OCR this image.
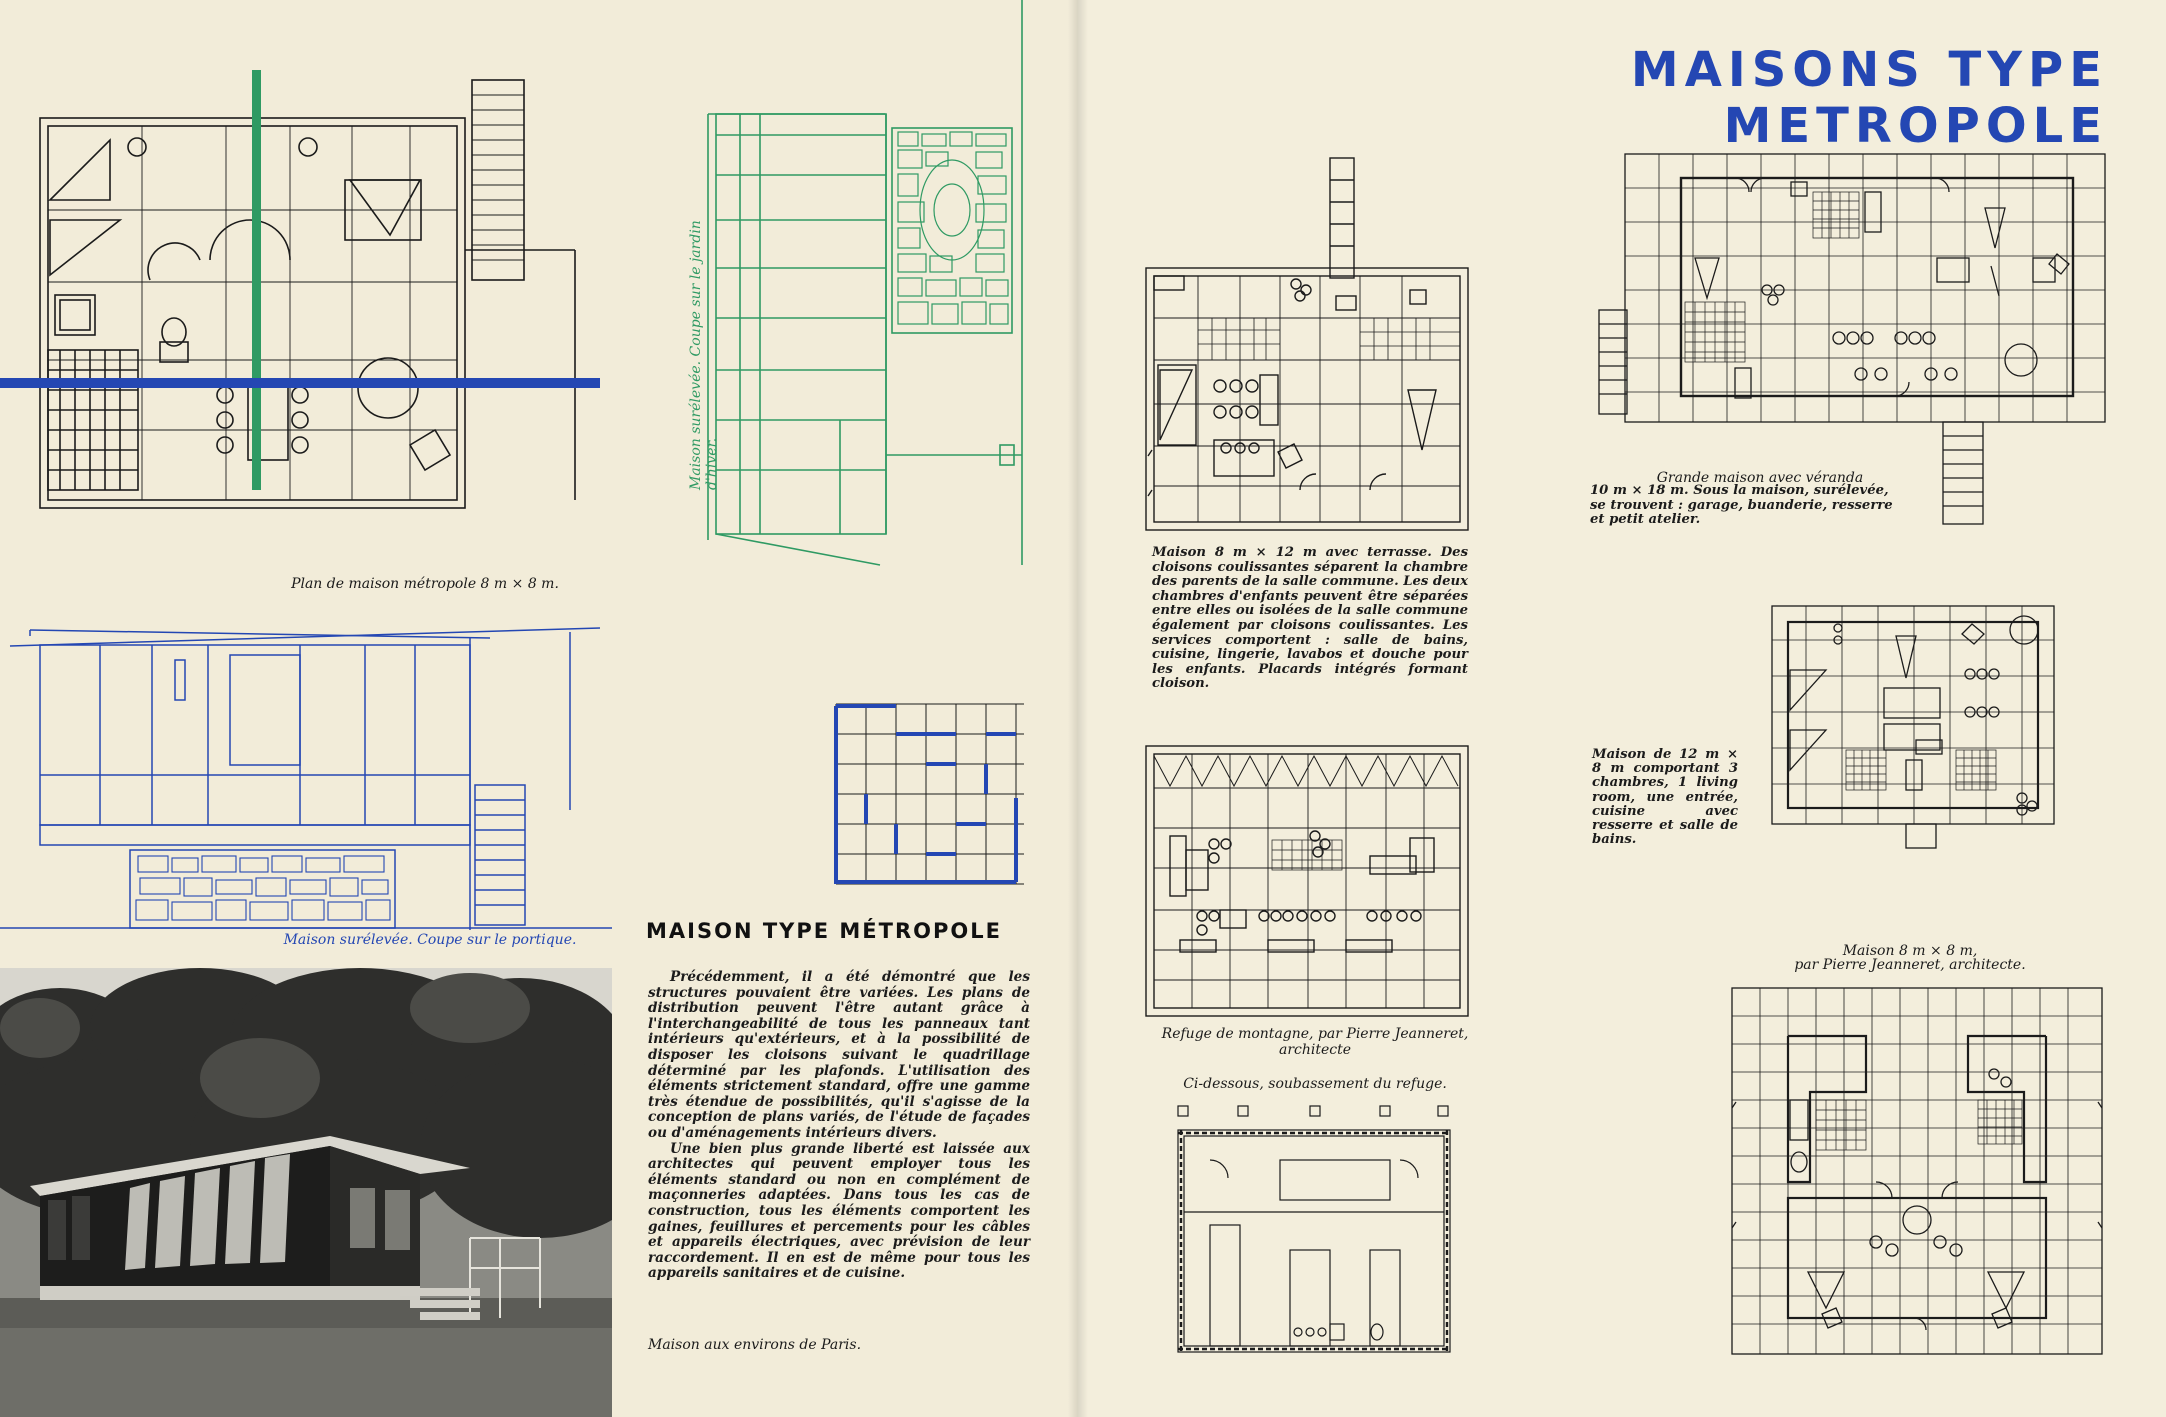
Plan de maison métropole 8 m × 8 m.
Maison surélevée. Coupe sur le portique.
Maison surélevée. Coupe sur le jardin d'hiver.
MAISON TYPE MÉTROPOLE

Précédemment, il a été démontré que les structures pouvaient être variées. Les plans de distribution peuvent l'être autant grâce à l'interchangeabilité de tous les panneaux tant intérieurs qu'extérieurs, et à la possibilité de disposer les cloisons suivant le quadrillage déterminé par les plafonds. L'utilisation des éléments strictement standard, offre une gamme très étendue de possibilités, qu'il s'agisse de la conception de plans variés, de l'étude de façades ou d'aménagements intérieurs divers.

Une bien plus grande liberté est laissée aux architectes qui peuvent employer tous les éléments standard ou non en complément de maçonneries adaptées. Dans tous les cas de construction, tous les éléments comportent les gaines, feuillures et percements pour les câbles et appareils électriques, avec prévision de leur raccordement. Il en est de même pour tous les appareils sanitaires et de cuisine.

Maison aux environs de Paris.
MAISONS TYPE METROPOLE
Maison 8 m × 12 m avec terrasse. Des cloisons coulissantes séparent la chambre des parents de la salle commune. Les deux chambres d'enfants peuvent être séparées entre elles ou isolées de la salle commune également par cloisons coulissantes. Les services comportent : salle de bains, cuisine, lingerie, lavabos et douche pour les enfants. Placards intégrés formant cloison.
Refuge de montagne, par Pierre Jeanneret, architecte
Ci-dessous, soubassement du refuge.
Grande maison avec véranda
10 m × 18 m. Sous la maison, surélevée, se trouvent : garage, buanderie, resserre et petit atelier.
Maison de 12 m × 8 m comportant 3 chambres, 1 living room, une entrée, cuisine avec resserre et salle de bains.
Maison 8 m × 8 m,
par Pierre Jeanneret, architecte.
